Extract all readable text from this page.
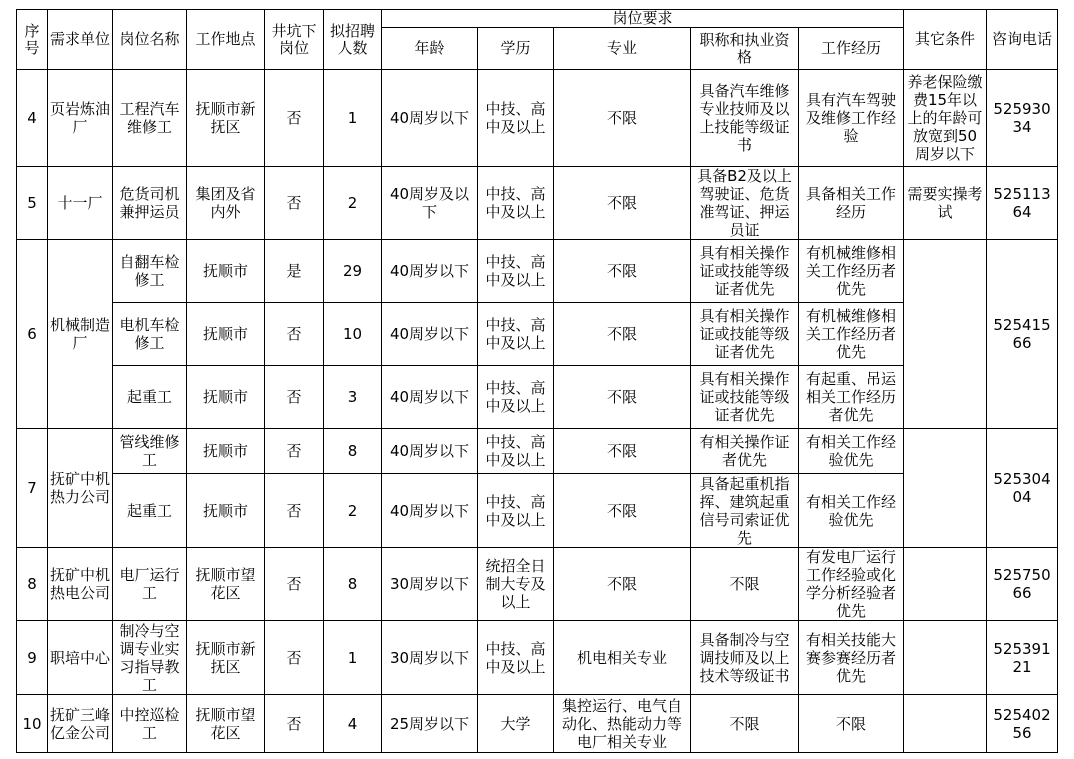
序号	需求单位	岗位名称	工作地点	井坑下岗位	拟招聘人数	岗位要求					其它条件	咨询电话
						年龄	学历	专业	职称和执业资格	工作经历		
4	页岩炼油厂	工程汽车维修工	抚顺市新抚区	否	1	40周岁以下	中技、高中及以上	不限	具备汽车维修专业技师及以上技能等级证书	具有汽车驾驶及维修工作经验	养老保险缴费15年以上的年龄可放宽到50周岁以下	52593034
5	十一厂	危货司机兼押运员	集团及省内外	否	2	40周岁及以下	中技、高中及以上	不限	具备B2及以上驾驶证、危货准驾证、押运员证	具备相关工作经历	需要实操考试	52511364
6	机械制造厂	自翻车检修工	抚顺市	是	29	40周岁以下	中技、高中及以上	不限	具有相关操作证或技能等级证者优先	有机械维修相关工作经历者优先		52541566
		电机车检修工	抚顺市	否	10	40周岁以下	中技、高中及以上	不限	具有相关操作证或技能等级证者优先	有机械维修相关工作经历者优先		
		起重工	抚顺市	否	3	40周岁以下	中技、高中及以上	不限	具有相关操作证或技能等级证者优先	有起重、吊运相关工作经历者优先		
7	抚矿中机热力公司	管线维修工	抚顺市	否	8	40周岁以下	中技、高中及以上	不限	有相关操作证者优先	有相关工作经验优先		52530404
		起重工	抚顺市	否	2	40周岁以下	中技、高中及以上	不限	具备起重机指挥、建筑起重信号司索证优先	有相关工作经验优先		
8	抚矿中机热电公司	电厂运行工	抚顺市望花区	否	8	30周岁以下	统招全日制大专及以上	不限	不限	有发电厂运行工作经验或化学分析经验者优先		52575066
9	职培中心	制冷与空调专业实习指导教工	抚顺市新抚区	否	1	30周岁以下	中技、高中及以上	机电相关专业	具备制冷与空调技师及以上技术等级证书	有相关技能大赛参赛经历者优先		52539121
10	抚矿三峰亿金公司	中控巡检工	抚顺市望花区	否	4	25周岁以下	大学	集控运行、电气自动化、热能动力等电厂相关专业	不限	不限		52540256
